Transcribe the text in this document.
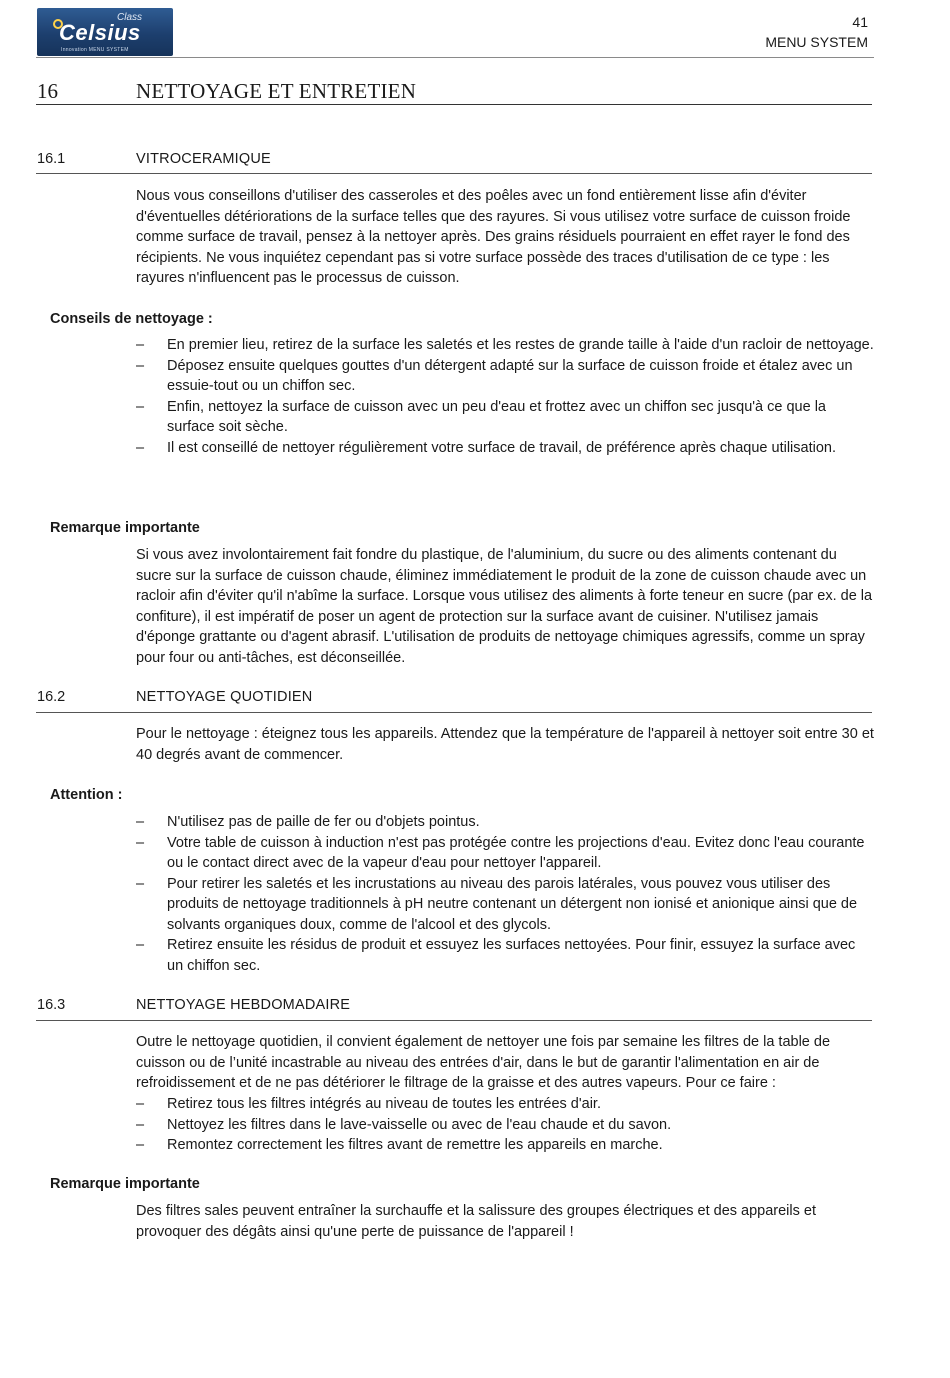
Class
Celsius
Innovation MENU SYSTEM
41
MENU SYSTEM
16	NETTOYAGE ET ENTRETIEN
16.1	VITROCERAMIQUE

Nous vous conseillons d'utiliser des casseroles et des poêles avec un fond entièrement lisse afin d'éviter d'éventuelles détériorations de la surface telles que des rayures. Si vous utilisez votre surface de cuisson froide comme surface de travail, pensez à la nettoyer après. Des grains résiduels pourraient en effet rayer le fond des récipients. Ne vous inquiétez cependant pas si votre surface possède des traces d'utilisation de ce type : les rayures n'influencent pas le processus de cuisson.

Conseils de nettoyage :
– En premier lieu, retirez de la surface les saletés et les restes de grande taille à l'aide d'un racloir de nettoyage.
– Déposez ensuite quelques gouttes d'un détergent adapté sur la surface de cuisson froide et étalez avec un essuie-tout ou un chiffon sec.
– Enfin, nettoyez la surface de cuisson avec un peu d'eau et frottez avec un chiffon sec jusqu'à ce que la surface soit sèche.
– Il est conseillé de nettoyer régulièrement votre surface de travail, de préférence après chaque utilisation.
Remarque importante

Si vous avez involontairement fait fondre du plastique, de l'aluminium, du sucre ou des aliments contenant du sucre sur la surface de cuisson chaude, éliminez immédiatement le produit de la zone de cuisson chaude avec un racloir afin d'éviter qu'il n'abîme la surface. Lorsque vous utilisez des aliments à forte teneur en sucre (par ex. de la confiture), il est impératif de poser un agent de protection sur la surface avant de cuisiner. N'utilisez jamais d'éponge grattante ou d'agent abrasif. L'utilisation de produits de nettoyage chimiques agressifs, comme un spray pour four ou anti-tâches, est déconseillée.

16.2	NETTOYAGE QUOTIDIEN

Pour le nettoyage : éteignez tous les appareils. Attendez que la température de l'appareil à nettoyer soit entre 30 et 40 degrés avant de commencer.

Attention :
– N'utilisez pas de paille de fer ou d'objets pointus.
– Votre table de cuisson à induction n'est pas protégée contre les projections d'eau. Evitez donc l'eau courante ou le contact direct avec de la vapeur d'eau pour nettoyer l'appareil.
– Pour retirer les saletés et les incrustations au niveau des parois latérales, vous pouvez vous utiliser des produits de nettoyage traditionnels à pH neutre contenant un détergent non ionisé et anionique ainsi que de solvants organiques doux, comme de l'alcool et des glycols.
– Retirez ensuite les résidus de produit et essuyez les surfaces nettoyées. Pour finir, essuyez la surface avec un chiffon sec.
16.3	NETTOYAGE HEBDOMADAIRE

Outre le nettoyage quotidien, il convient également de nettoyer une fois par semaine les filtres de la table de cuisson ou de l’unité incastrable au niveau des entrées d'air, dans le but de garantir l'alimentation en air de refroidissement et de ne pas détériorer le filtrage de la graisse et des autres vapeurs. Pour ce faire :

– Retirez tous les filtres intégrés au niveau de toutes les entrées d'air.
– Nettoyez les filtres dans le lave-vaisselle ou avec de l'eau chaude et du savon.
– Remontez correctement les filtres avant de remettre les appareils en marche.
Remarque importante

Des filtres sales peuvent entraîner la surchauffe et la salissure des groupes électriques et des appareils et provoquer des dégâts ainsi qu'une perte de puissance de l'appareil !
